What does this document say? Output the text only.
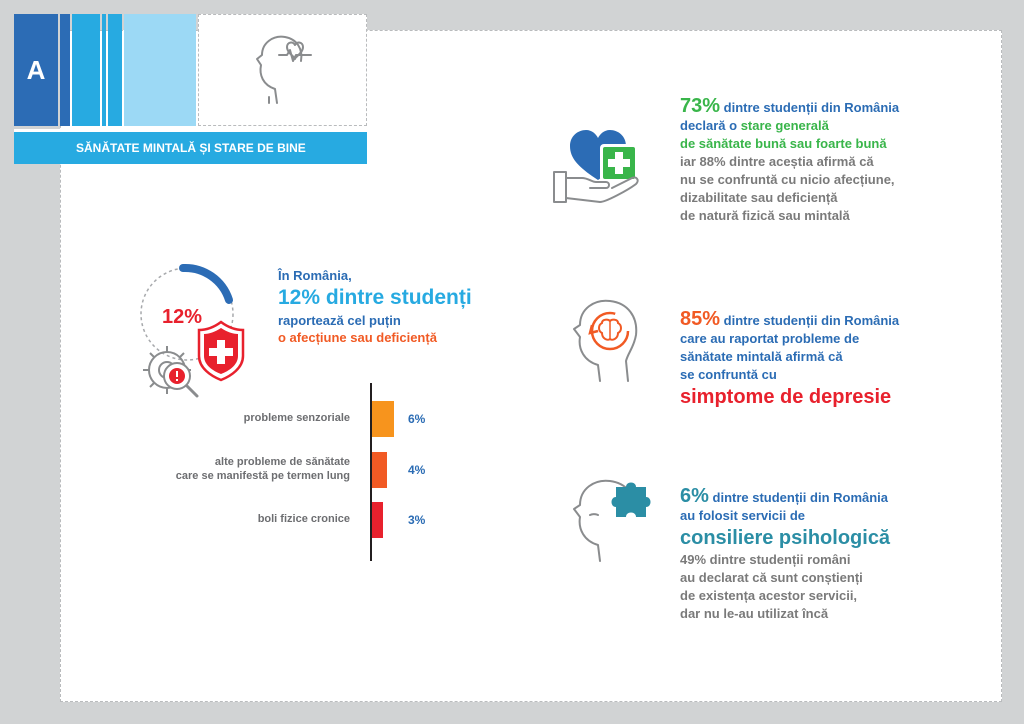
A
SĂNĂTATE MINTALĂ ȘI STARE DE BINE
12%
În România,
12% dintre studenți
raportează cel puțin
o afecțiune sau deficiență
6%
probleme senzoriale
4%
alte probleme de sănătate
care se manifestă pe termen lung
3%
boli fizice cronice
73% dintre studenții din România
declară o stare generală
de sănătate bună sau foarte bună
iar 88% dintre aceștia afirmă că
nu se confruntă cu nicio afecțiune,
dizabilitate sau deficiență
de natură fizică sau mintală
85% dintre studenții din România
care au raportat probleme de
sănătate mintală afirmă că
se confruntă cu
simptome de depresie
6% dintre studenții din România
au folosit servicii de
consiliere psihologică
49% dintre studenții români
au declarat că sunt conștienți
de existența acestor servicii,
dar nu le-au utilizat încă
